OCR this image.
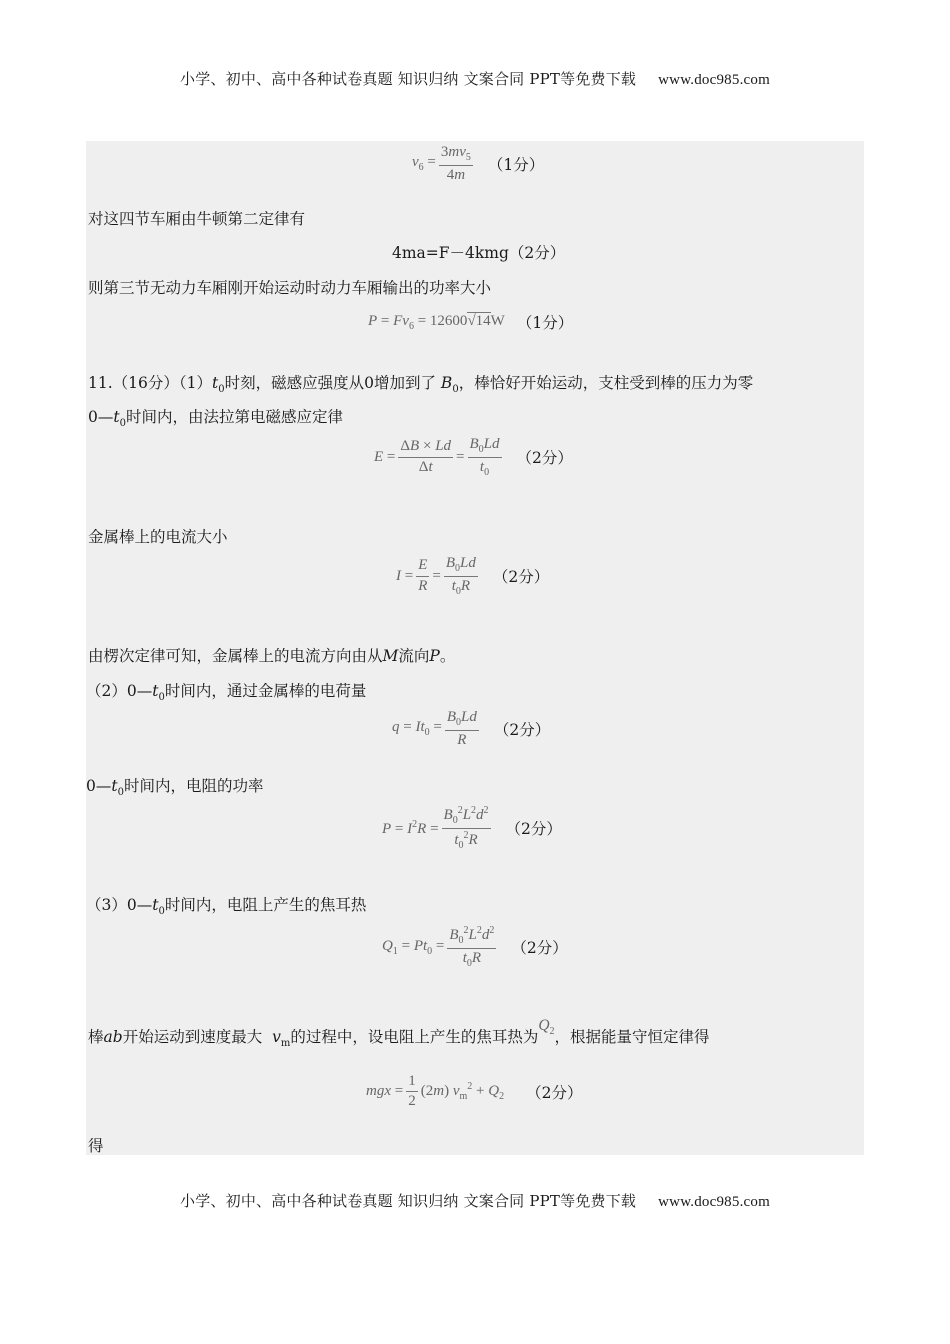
小学、初中、高中各种试卷真题 知识归纳 文案合同 PPT等免费下载 www.doc985.com
$v_6 = \frac{3mv_5}{4m} (1$分）
对这四节车厢由牛顿第二定律有
4ma=F－4kmg（2分）
则第三节无动力车厢刚开始运动时动力车厢输出的功率大小
$P = Fv_6 = 12600√14W$ （1分）
11.（16分）$(1)t_0$时刻，磁感应强度从0增加到了 $B_0$，棒恰好开始运动，支柱受到棒的压力为零
$0—t_0$时间内，由法拉第电磁感应定律
$E = \frac{\Delta B \times Ld}{\Delta t} = \frac{B_0Ld}{t_0} (2$分）
金属棒上的电流大小
$I = \frac{E}{R} = \frac{B_0Ld}{t_0R} (2$分）
由楞次定律可知，金属棒上的电流方向由从M流向P。
$(2)0—t_0$时间内，通过金属棒的电荷量
$q = It_0 = \frac{B_0Ld}{R} (2$分）
$0—t_0$时间内，电阻的功率
$P = I^2R = \frac{B_0^2L^2d^2}{t_0^2R} (2$分）
$(3)0—t_0$时间内，电阻上产生的焦耳热
$Q_1 = Pt_0 = \frac{B_0^2L^2d^2}{t_0R} (2$分）
棒ab开始运动到速度最大 $v_m$的过程中，设电阻上产生的焦耳热为$Q_2$，根据能量守恒定律得
mgx = $\frac{1}{2} (2m) v_m^2 + Q_2$ （2分）
得
小学、初中、高中各种试卷真题 知识归纳 文案合同 PPT等免费下载 www.doc985.com
